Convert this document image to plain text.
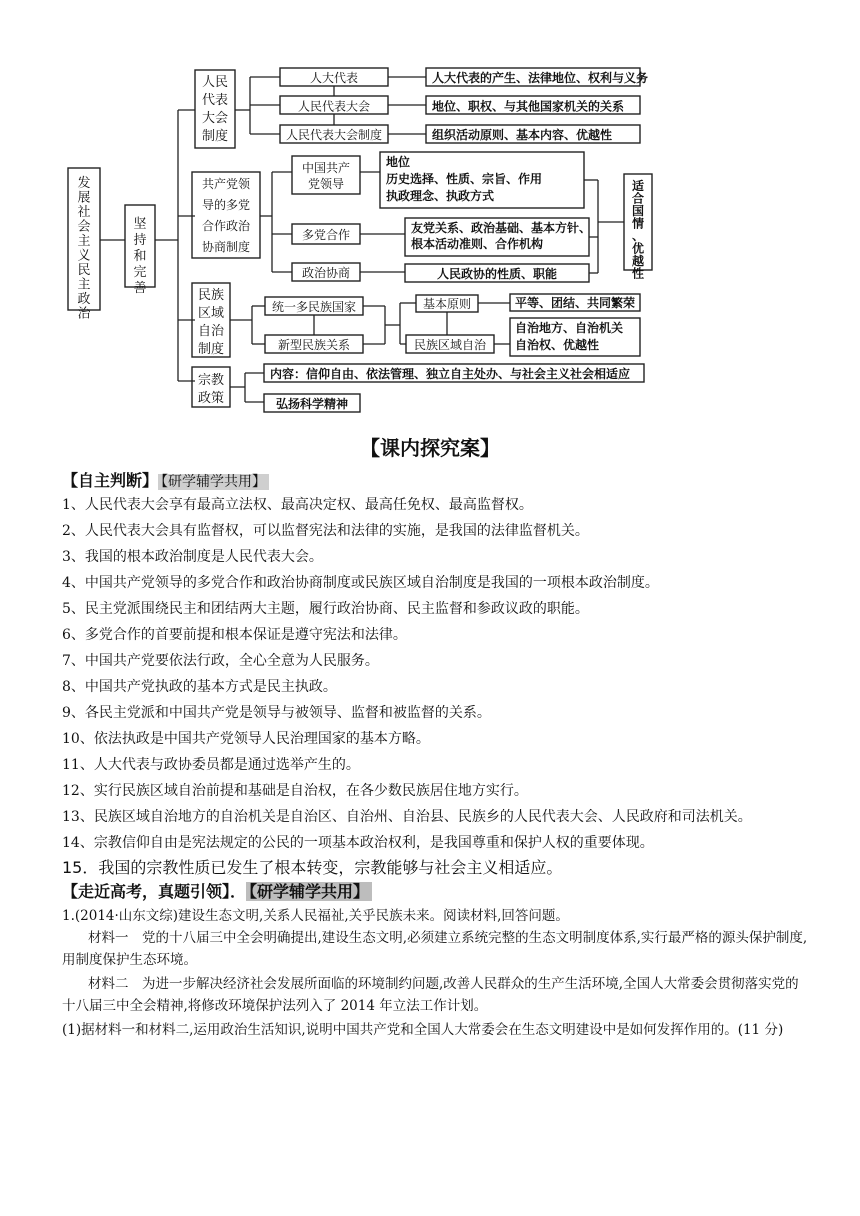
发展社会主义民主政治
坚持和完善
人民代表大会制度
人大代表	人大代表的产生、法律地位、权利与义务
人民代表大会	地位、职权、与其他国家机关的关系
人民代表大会制度	组织活动原则、基本内容、优越性
共产党领导的多党合作政治协商制度
中国共产党领导
多党合作
政治协商
地位
历史选择、性质、宗旨、作用
执政理念、执政方式
友党关系、政治基础、基本方针、
根本活动准则、合作机构
人民政协的性质、职能
适合国情、优越性
民族区域自治制度
统一多民族国家
新型民族关系
基本原则
民族区域自治
平等、团结、共同繁荣
自治地方、自治机关
自治权、优越性
宗教政策
内容：信仰自由、依法管理、独立自主处办、与社会主义社会相适应
弘扬科学精神
【课内探究案】
【自主判断】 【研学辅学共用】
1、人民代表大会享有最高立法权、最高决定权、最高任免权、最高监督权。
2、人民代表大会具有监督权，可以监督宪法和法律的实施，是我国的法律监督机关。
3、我国的根本政治制度是人民代表大会。
4、中国共产党领导的多党合作和政治协商制度或民族区域自治制度是我国的一项根本政治制度。
5、民主党派围绕民主和团结两大主题，履行政治协商、民主监督和参政议政的职能。
6、多党合作的首要前提和根本保证是遵守宪法和法律。
7、中国共产党要依法行政，全心全意为人民服务。
8、中国共产党执政的基本方式是民主执政。
9、各民主党派和中国共产党是领导与被领导、监督和被监督的关系。
10、依法执政是中国共产党领导人民治理国家的基本方略。
11、人大代表与政协委员都是通过选举产生的。
12、实行民族区域自治前提和基础是自治权，在各少数民族居住地方实行。
13、民族区域自治地方的自治机关是自治区、自治州、自治县、民族乡的人民代表大会、人民政府和司法机关。
14、宗教信仰自由是宪法规定的公民的一项基本政治权利，是我国尊重和保护人权的重要体现。
15．我国的宗教性质已发生了根本转变，宗教能够与社会主义相适应。
【走近高考，真题引领】． 【研学辅学共用】
1.(2014·山东文综)建设生态文明,关系人民福祉,关乎民族未来。阅读材料,回答问题。
材料一　党的十八届三中全会明确提出,建设生态文明,必须建立系统完整的生态文明制度体系,实行最严格的源头保护制度,用制度保护生态环境。
材料二　为进一步解决经济社会发展所面临的环境制约问题,改善人民群众的生产生活环境,全国人大常委会贯彻落实党的十八届三中全会精神,将修改环境保护法列入了 2014 年立法工作计划。
(1)据材料一和材料二,运用政治生活知识,说明中国共产党和全国人大常委会在生态文明建设中是如何发挥作用的。(11 分)
